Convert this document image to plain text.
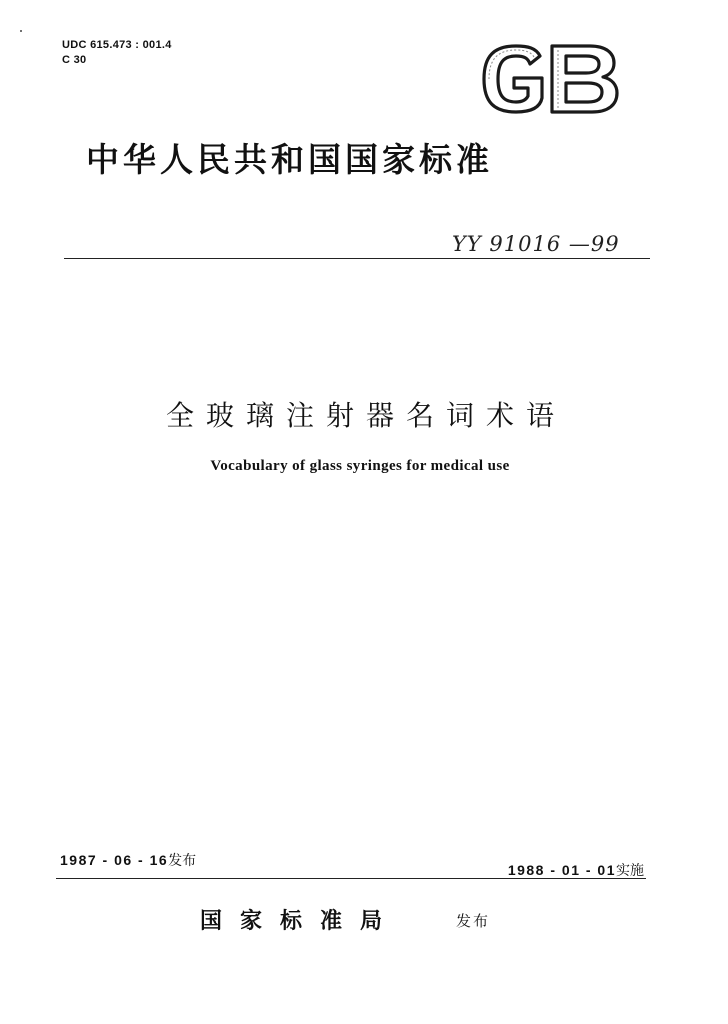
UDC 615.473 : 001.4
C 30
中华人民共和国国家标准
YY 91016 —99
全玻璃注射器名词术语
Vocabulary of glass syringes for medical use
1987 - 06 - 16发布
1988 - 01 - 01实施
国家标准局	发布
